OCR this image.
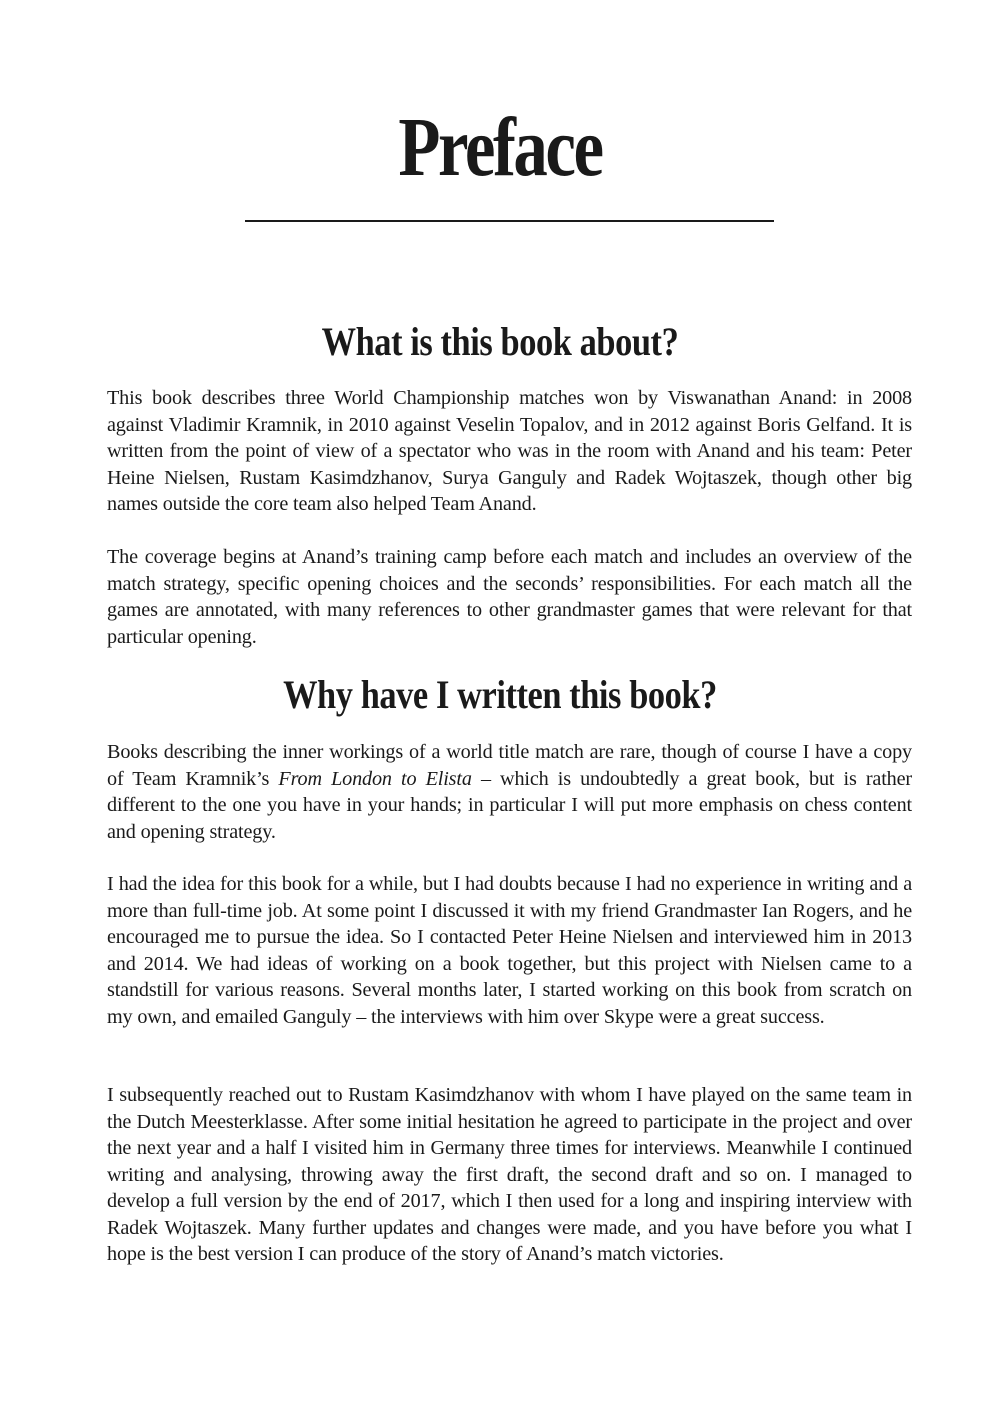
Preface
What is this book about?

This book describes three World Championship matches won by Viswanathan Anand: in 2008 against Vladimir Kramnik, in 2010 against Veselin Topalov, and in 2012 against Boris Gelfand. It is written from the point of view of a spectator who was in the room with Anand and his team: Peter Heine Nielsen, Rustam Kasimdzhanov, Surya Ganguly and Radek Wojtaszek, though other big names outside the core team also helped Team Anand.

The coverage begins at Anand’s training camp before each match and includes an overview of the match strategy, specific opening choices and the seconds’ responsibilities. For each match all the games are annotated, with many references to other grandmaster games that were relevant for that particular opening.

Why have I written this book?

Books describing the inner workings of a world title match are rare, though of course I have a copy of Team Kramnik’s From London to Elista – which is undoubtedly a great book, but is rather different to the one you have in your hands; in particular I will put more emphasis on chess content and opening strategy.

I had the idea for this book for a while, but I had doubts because I had no experience in writing and a more than full-time job. At some point I discussed it with my friend Grandmaster Ian Rogers, and he encouraged me to pursue the idea. So I contacted Peter Heine Nielsen and interviewed him in 2013 and 2014. We had ideas of working on a book together, but this project with Nielsen came to a standstill for various reasons. Several months later, I started working on this book from scratch on my own, and emailed Ganguly – the interviews with him over Skype were a great success.

I subsequently reached out to Rustam Kasimdzhanov with whom I have played on the same team in the Dutch Meesterklasse. After some initial hesitation he agreed to participate in the project and over the next year and a half I visited him in Germany three times for interviews. Meanwhile I continued writing and analysing, throwing away the first draft, the second draft and so on. I managed to develop a full version by the end of 2017, which I then used for a long and inspiring interview with Radek Wojtaszek. Many further updates and changes were made, and you have before you what I hope is the best version I can produce of the story of Anand’s match victories.
